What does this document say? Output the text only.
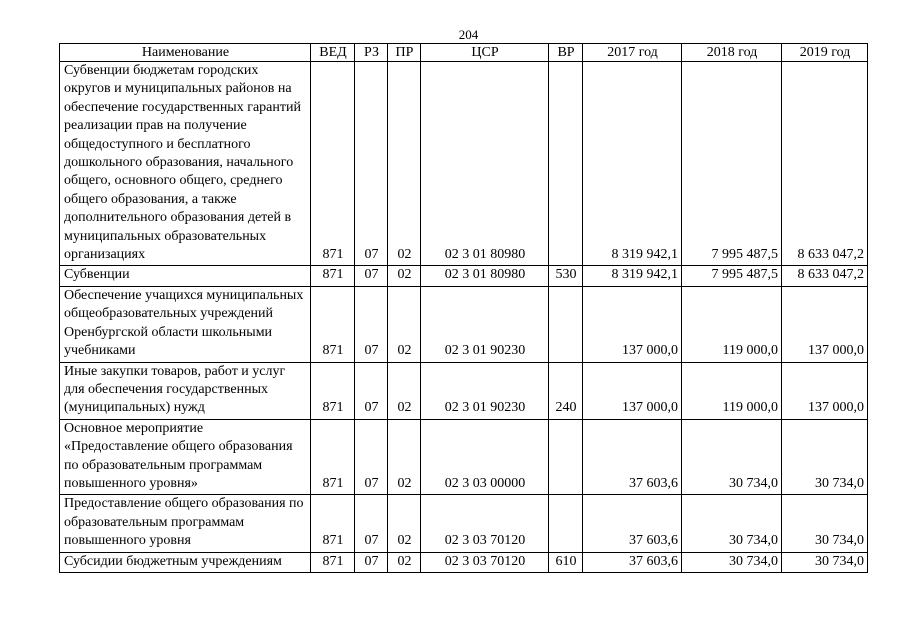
204
Наименование	ВЕД	РЗ	ПР	ЦСР	ВР	2017 год	2018 год	2019 год
Субвенции бюджетам городских округов и муниципальных районов на обеспечение государственных гарантий реализации прав на получение общедоступного и бесплатного дошкольного образования, начального общего, основного общего, среднего общего образования, а также дополнительного образования детей в муниципальных образовательных организациях	871	07	02	02 3 01 80980		8 319 942,1	7 995 487,5	8 633 047,2
Субвенции	871	07	02	02 3 01 80980	530	8 319 942,1	7 995 487,5	8 633 047,2
Обеспечение учащихся муниципальных общеобразовательных учреждений Оренбургской области школьными учебниками	871	07	02	02 3 01 90230		137 000,0	119 000,0	137 000,0
Иные закупки товаров, работ и услуг для обеспечения государственных (муниципальных) нужд	871	07	02	02 3 01 90230	240	137 000,0	119 000,0	137 000,0
Основное мероприятие «Предоставление общего образования по образовательным программам повышенного уровня»	871	07	02	02 3 03 00000		37 603,6	30 734,0	30 734,0
Предоставление общего образования по образовательным программам повышенного уровня	871	07	02	02 3 03 70120		37 603,6	30 734,0	30 734,0
Субсидии бюджетным учреждениям	871	07	02	02 3 03 70120	610	37 603,6	30 734,0	30 734,0
